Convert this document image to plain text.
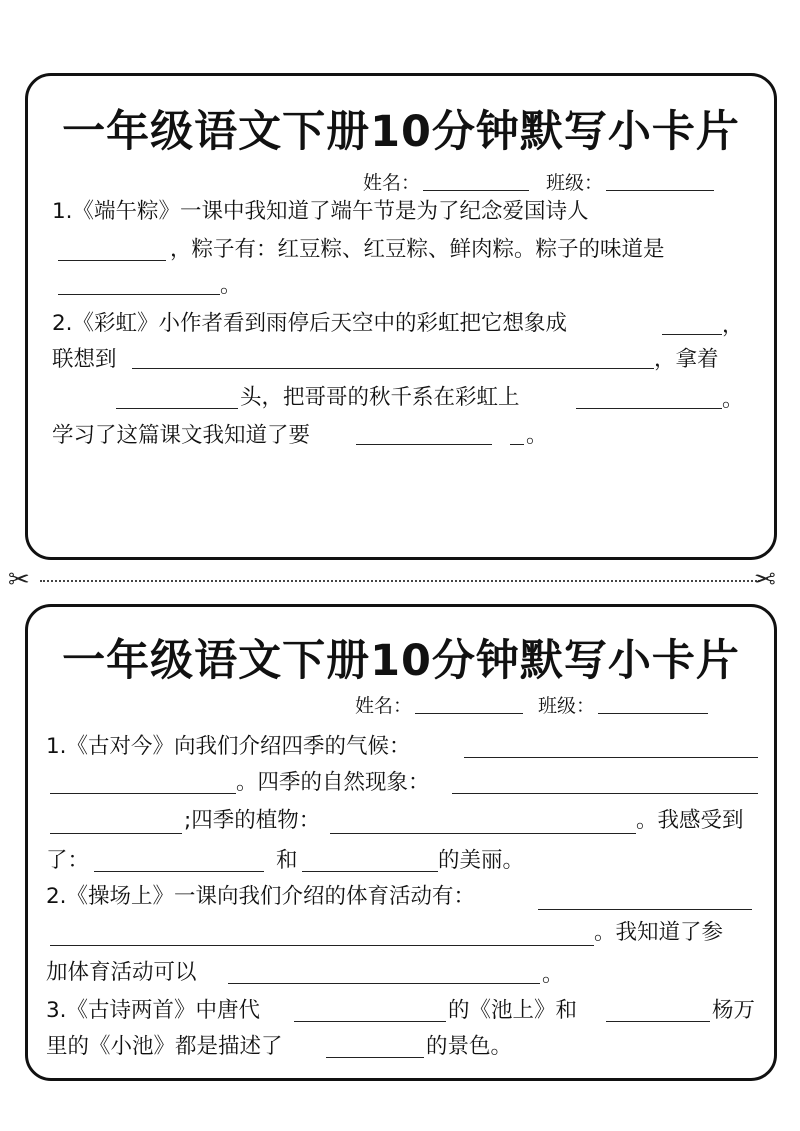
一年级语文下册10分钟默写小卡片
姓名：	班级：
1.《端午粽》一课中我知道了端午节是为了纪念爱国诗人
，粽子有：红豆粽、红豆粽、鲜肉粽。粽子的味道是
。
2.《彩虹》小作者看到雨停后天空中的彩虹把它想象成	，
联想到	，拿着
头，把哥哥的秋千系在彩虹上	。
学习了这篇课文我知道了要	。
✂	✂
一年级语文下册10分钟默写小卡片
姓名：	班级：
1.《古对今》向我们介绍四季的气候：
。四季的自然现象：
;四季的植物：	。我感受到
了：	和	的美丽。
2.《操场上》一课向我们介绍的体育活动有：
。我知道了参
加体育活动可以	。
3.《古诗两首》中唐代	的《池上》和	杨万
里的《小池》都是描述了	的景色。
